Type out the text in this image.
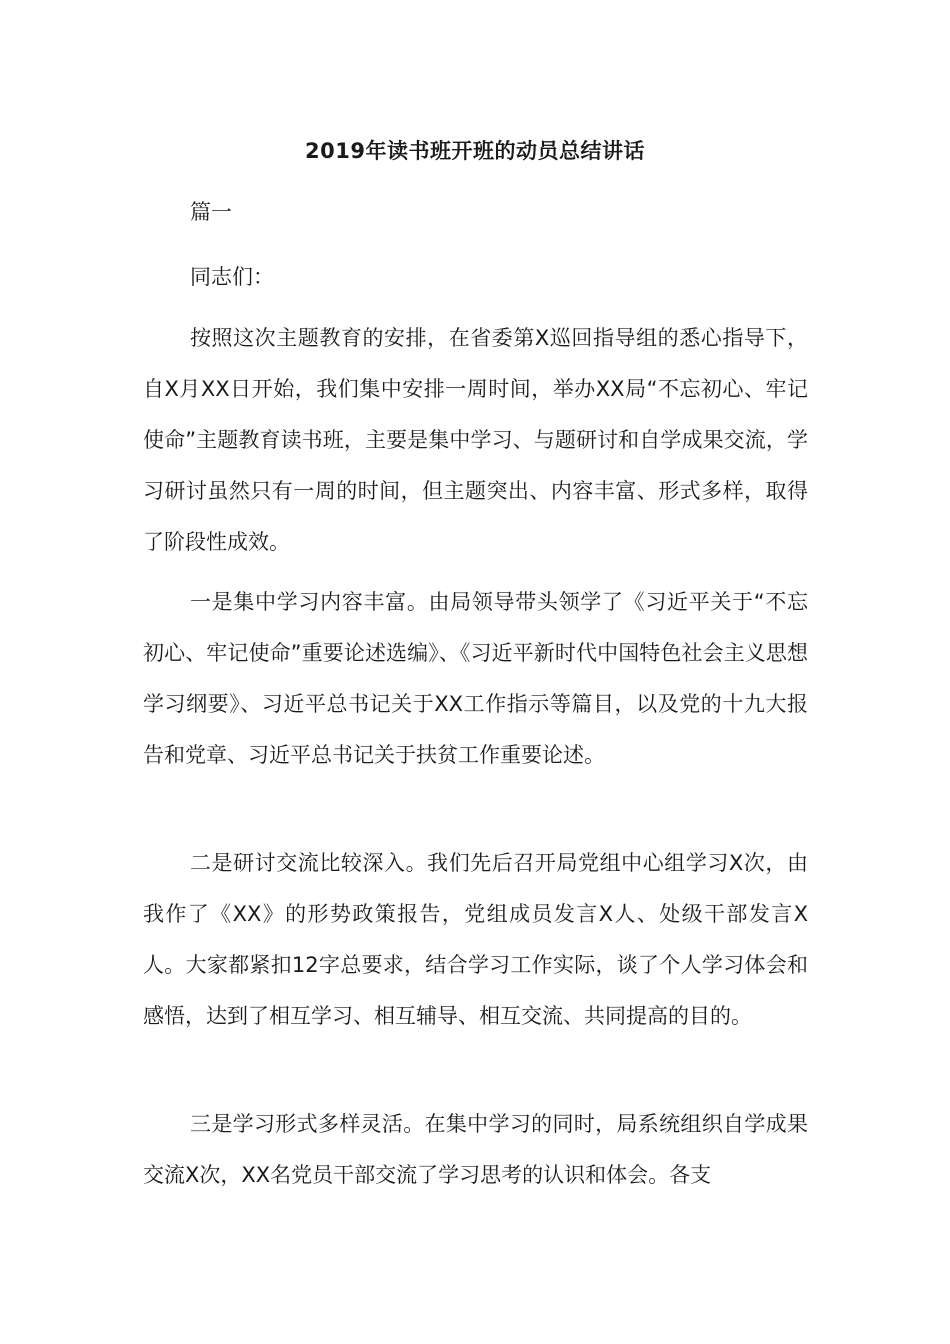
2019年读书班开班的动员总结讲话

篇一

同志们：

按照这次主题教育的安排，在省委第X巡回指导组的悉心指导下，自X月XX日开始，我们集中安排一周时间，举办XX局“不忘初心、牢记使命”主题教育读书班，主要是集中学习、与题研讨和自学成果交流，学习研讨虽然只有一周的时间，但主题突出、内容丰富、形式多样，取得了阶段性成效。

一是集中学习内容丰富。由局领导带头领学了《习近平关于“不忘初心、牢记使命”重要论述选编》、《习近平新时代中国特色社会主义思想学习纲要》、习近平总书记关于XX工作指示等篇目，以及党的十九大报告和党章、习近平总书记关于扶贫工作重要论述。

二是研讨交流比较深入。我们先后召开局党组中心组学习X次，由我作了《XX》的形势政策报告，党组成员发言X人、处级干部发言X人。大家都紧扣12字总要求，结合学习工作实际，谈了个人学习体会和感悟，达到了相互学习、相互辅导、相互交流、共同提高的目的。

三是学习形式多样灵活。在集中学习的同时，局系统组织自学成果交流X次，XX名党员干部交流了学习思考的认识和体会。各支
